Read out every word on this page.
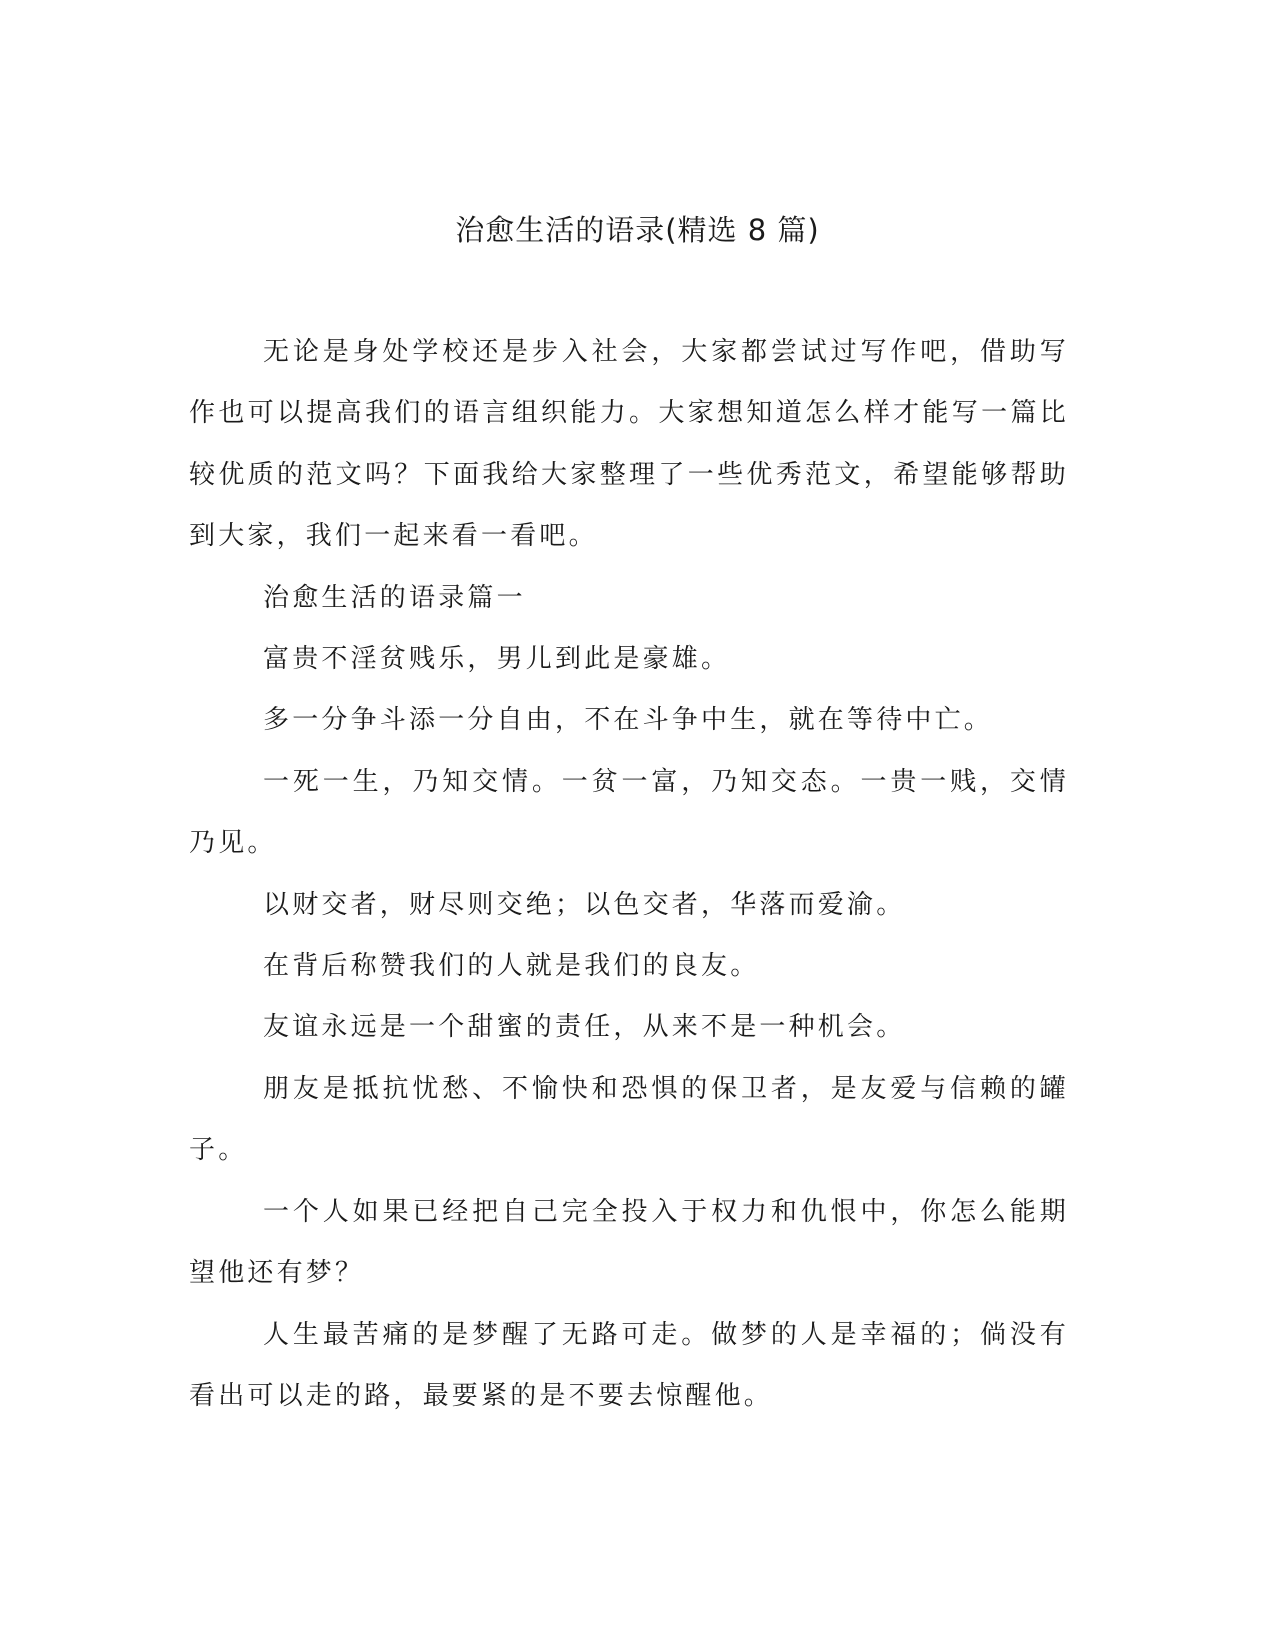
治愈生活的语录(精选 8 篇)

无论是身处学校还是步入社会，大家都尝试过写作吧，借助写作也可以提高我们的语言组织能力。大家想知道怎么样才能写一篇比较优质的范文吗？下面我给大家整理了一些优秀范文，希望能够帮助到大家，我们一起来看一看吧。

治愈生活的语录篇一

富贵不淫贫贱乐，男儿到此是豪雄。

多一分争斗添一分自由，不在斗争中生，就在等待中亡。

一死一生，乃知交情。一贫一富，乃知交态。一贵一贱，交情乃见。

以财交者，财尽则交绝；以色交者，华落而爱渝。

在背后称赞我们的人就是我们的良友。

友谊永远是一个甜蜜的责任，从来不是一种机会。

朋友是抵抗忧愁、不愉快和恐惧的保卫者，是友爱与信赖的罐子。

一个人如果已经把自己完全投入于权力和仇恨中，你怎么能期望他还有梦？

人生最苦痛的是梦醒了无路可走。做梦的人是幸福的；倘没有看出可以走的路，最要紧的是不要去惊醒他。
